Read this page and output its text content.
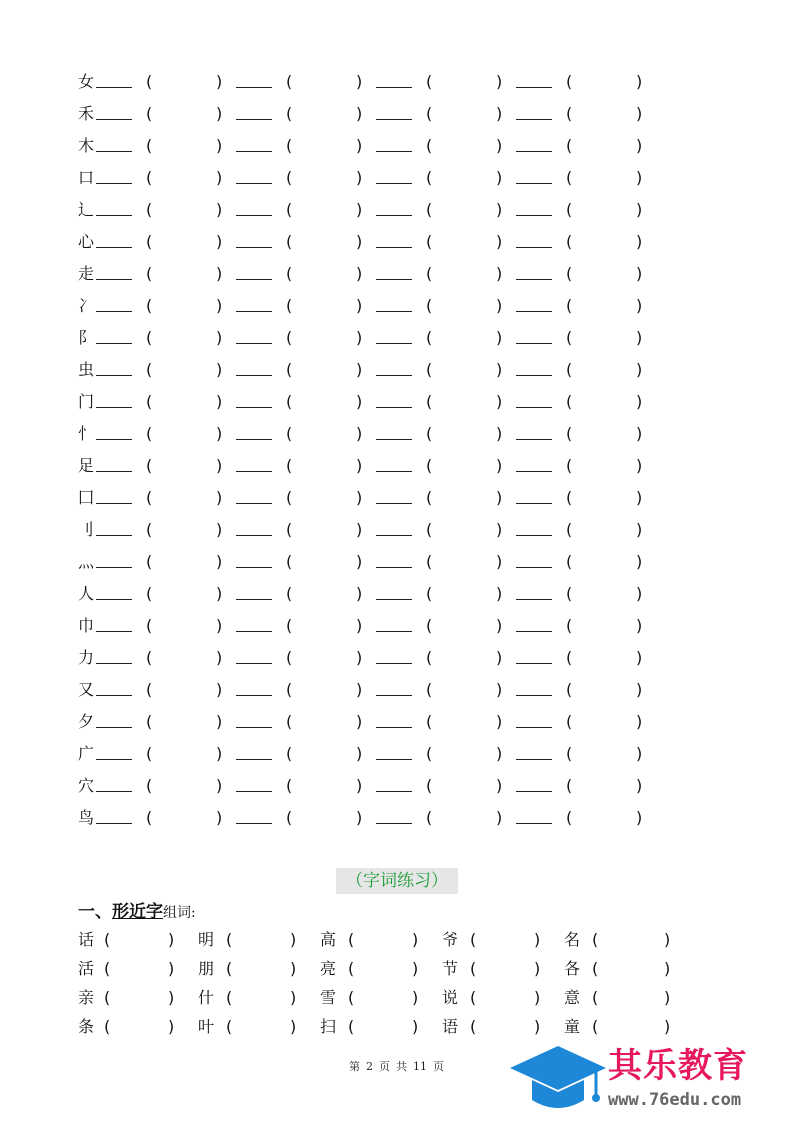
女	(	)	(	)	(	)	(	)
禾	(	)	(	)	(	)	(	)
木	(	)	(	)	(	)	(	)
口	(	)	(	)	(	)	(	)
辶	(	)	(	)	(	)	(	)
心	(	)	(	)	(	)	(	)
走	(	)	(	)	(	)	(	)
冫	(	)	(	)	(	)	(	)
阝	(	)	(	)	(	)	(	)
虫	(	)	(	)	(	)	(	)
门	(	)	(	)	(	)	(	)
忄	(	)	(	)	(	)	(	)
足	(	)	(	)	(	)	(	)
囗	(	)	(	)	(	)	(	)
刂	(	)	(	)	(	)	(	)
灬	(	)	(	)	(	)	(	)
人	(	)	(	)	(	)	(	)
巾	(	)	(	)	(	)	(	)
力	(	)	(	)	(	)	(	)
又	(	)	(	)	(	)	(	)
夕	(	)	(	)	(	)	(	)
广	(	)	(	)	(	)	(	)
穴	(	)	(	)	(	)	(	)
鸟	(	)	(	)	(	)	(	)
（字词练习）
一、形近字组词:
话 (	) 明 (	) 高 (	) 爷 (	) 名 (	)
活 (	) 朋 (	) 亮 (	) 节 (	) 各 (	)
亲 (	) 什 (	) 雪 (	) 说 (	) 意 (	)
条 (	) 叶 (	) 扫 (	) 语 (	) 童 (	)
第 2 页 共 11 页	其乐教育
www.76edu.com
